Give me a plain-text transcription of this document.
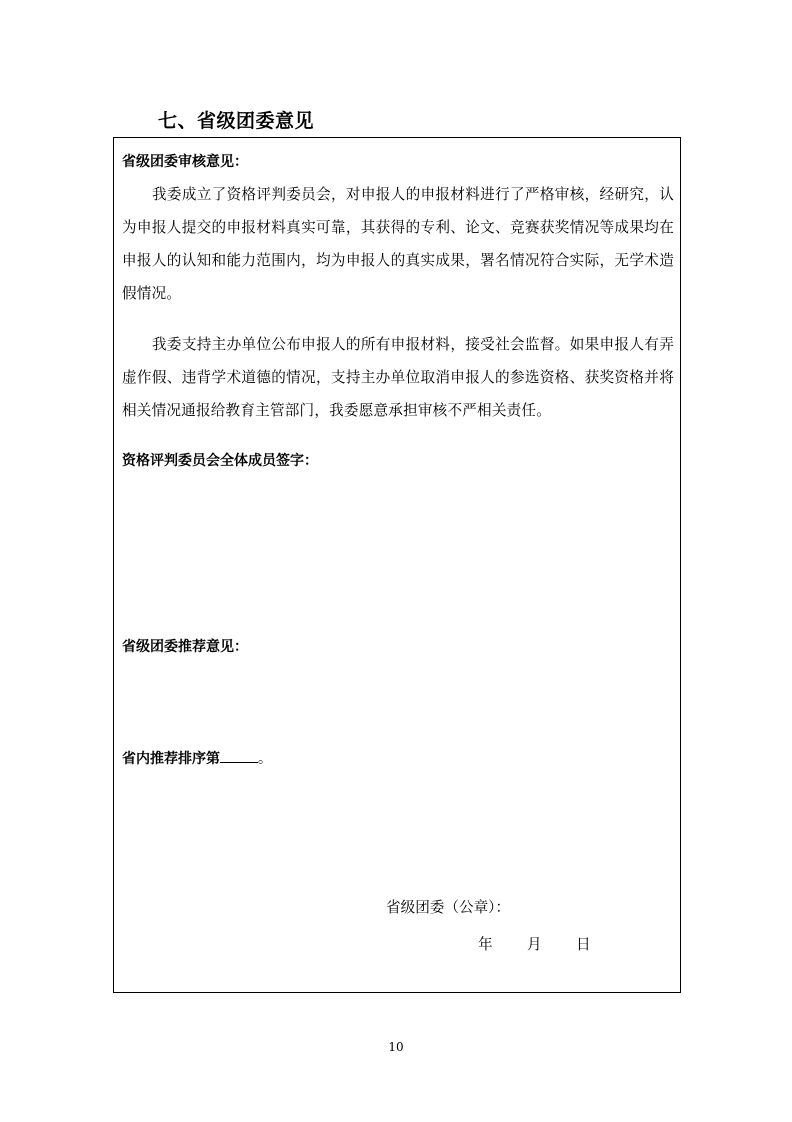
七、省级团委意见
省级团委审核意见：
我委成立了资格评判委员会，对申报人的申报材料进行了严格审核，经研究，认为申报人提交的申报材料真实可靠，其获得的专利、论文、竞赛获奖情况等成果均在申报人的认知和能力范围内，均为申报人的真实成果，署名情况符合实际，无学术造假情况。
我委支持主办单位公布申报人的所有申报材料，接受社会监督。如果申报人有弄虚作假、违背学术道德的情况，支持主办单位取消申报人的参选资格、获奖资格并将相关情况通报给教育主管部门，我委愿意承担审核不严相关责任。
资格评判委员会全体成员签字：
省级团委推荐意见：
省内推荐排序第	。
省级团委（公章）：
年 月 日
10
